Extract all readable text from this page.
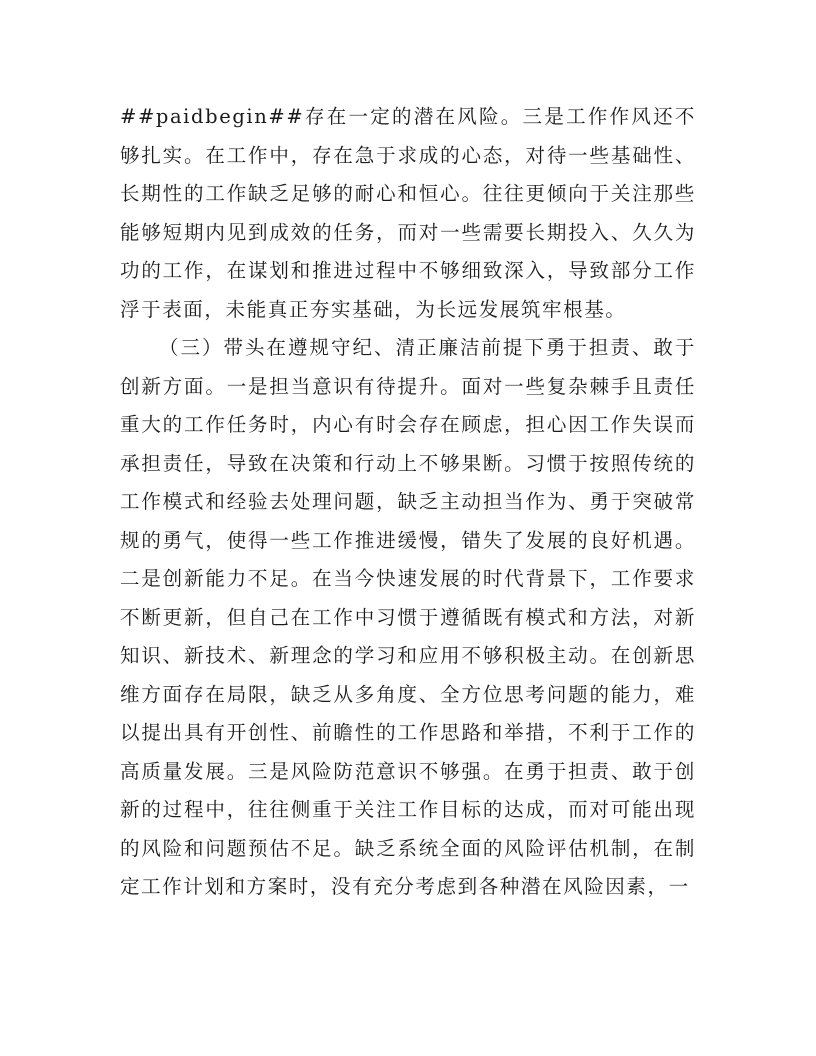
##paidbegin##存在一定的潜在风险。三是工作作风还不够扎实。在工作中，存在急于求成的心态，对待一些基础性、长期性的工作缺乏足够的耐心和恒心。往往更倾向于关注那些能够短期内见到成效的任务，而对一些需要长期投入、久久为功的工作，在谋划和推进过程中不够细致深入，导致部分工作浮于表面，未能真正夯实基础，为长远发展筑牢根基。

（三）带头在遵规守纪、清正廉洁前提下勇于担责、敢于创新方面。一是担当意识有待提升。面对一些复杂棘手且责任重大的工作任务时，内心有时会存在顾虑，担心因工作失误而承担责任，导致在决策和行动上不够果断。习惯于按照传统的工作模式和经验去处理问题，缺乏主动担当作为、勇于突破常规的勇气，使得一些工作推进缓慢，错失了发展的良好机遇。二是创新能力不足。在当今快速发展的时代背景下，工作要求不断更新，但自己在工作中习惯于遵循既有模式和方法，对新知识、新技术、新理念的学习和应用不够积极主动。在创新思维方面存在局限，缺乏从多角度、全方位思考问题的能力，难以提出具有开创性、前瞻性的工作思路和举措，不利于工作的高质量发展。三是风险防范意识不够强。在勇于担责、敢于创新的过程中，往往侧重于关注工作目标的达成，而对可能出现的风险和问题预估不足。缺乏系统全面的风险评估机制，在制定工作计划和方案时，没有充分考虑到各种潜在风险因素，一
